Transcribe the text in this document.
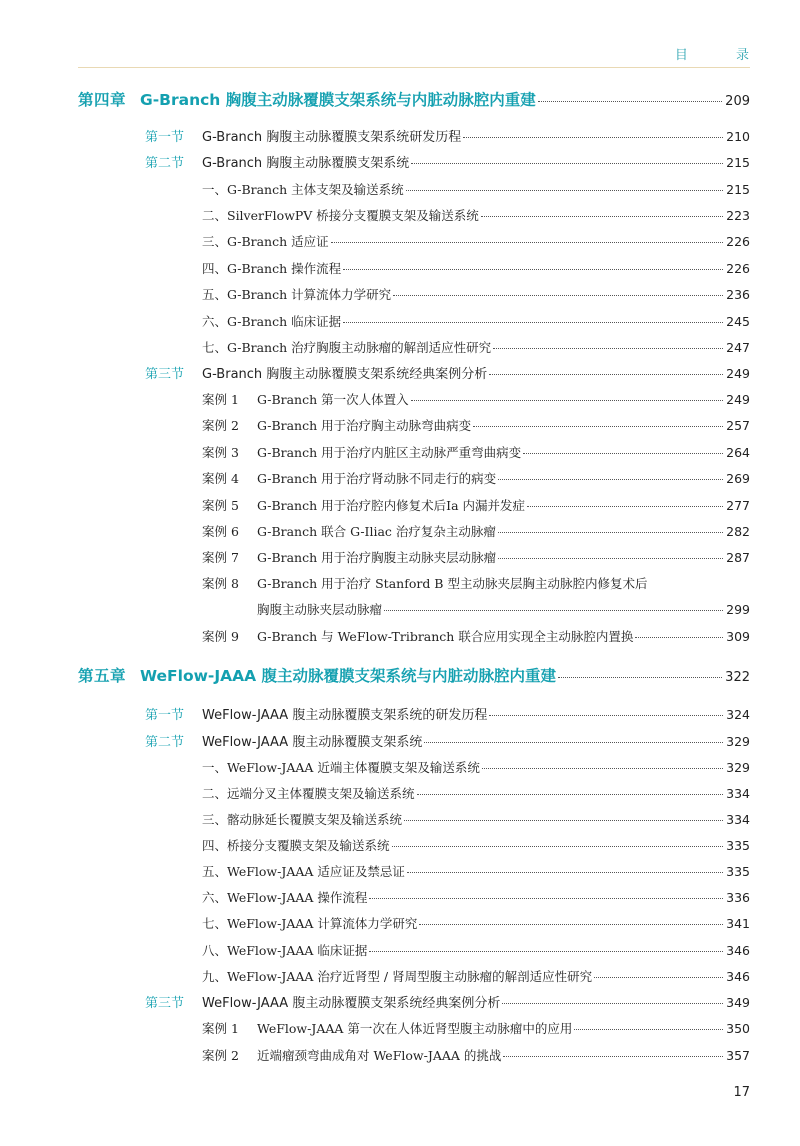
目 录
第四章 G-Branch 胸腹主动脉覆膜支架系统与内脏动脉腔内重建	209
第一节	G-Branch 胸腹主动脉覆膜支架系统研发历程	210
第二节	G-Branch 胸腹主动脉覆膜支架系统	215
一、G-Branch 主体支架及输送系统	215
二、SilverFlowPV 桥接分支覆膜支架及输送系统	223
三、G-Branch 适应证	226
四、G-Branch 操作流程	226
五、G-Branch 计算流体力学研究	236
六、G-Branch 临床证据	245
七、G-Branch 治疗胸腹主动脉瘤的解剖适应性研究	247
第三节	G-Branch 胸腹主动脉覆膜支架系统经典案例分析	249
案例 1	G-Branch 第一次人体置入	249
案例 2	G-Branch 用于治疗胸主动脉弯曲病变	257
案例 3	G-Branch 用于治疗内脏区主动脉严重弯曲病变	264
案例 4	G-Branch 用于治疗肾动脉不同走行的病变	269
案例 5	G-Branch 用于治疗腔内修复术后Ⅰa 内漏并发症	277
案例 6	G-Branch 联合 G-Iliac 治疗复杂主动脉瘤	282
案例 7	G-Branch 用于治疗胸腹主动脉夹层动脉瘤	287
案例 8 G-Branch 用于治疗 Stanford B 型主动脉夹层胸主动脉腔内修复术后
胸腹主动脉夹层动脉瘤	299
案例 9	G-Branch 与 WeFlow-Tribranch 联合应用实现全主动脉腔内置换	309
第五章 WeFlow-JAAA 腹主动脉覆膜支架系统与内脏动脉腔内重建	322
第一节	WeFlow-JAAA 腹主动脉覆膜支架系统的研发历程	324
第二节	WeFlow-JAAA 腹主动脉覆膜支架系统	329
一、WeFlow-JAAA 近端主体覆膜支架及输送系统	329
二、远端分叉主体覆膜支架及输送系统	334
三、髂动脉延长覆膜支架及输送系统	334
四、桥接分支覆膜支架及输送系统	335
五、WeFlow-JAAA 适应证及禁忌证	335
六、WeFlow-JAAA 操作流程	336
七、WeFlow-JAAA 计算流体力学研究	341
八、WeFlow-JAAA 临床证据	346
九、WeFlow-JAAA 治疗近肾型 / 肾周型腹主动脉瘤的解剖适应性研究	346
第三节	WeFlow-JAAA 腹主动脉覆膜支架系统经典案例分析	349
案例 1	WeFlow-JAAA 第一次在人体近肾型腹主动脉瘤中的应用	350
案例 2	近端瘤颈弯曲成角对 WeFlow-JAAA 的挑战	357
17
